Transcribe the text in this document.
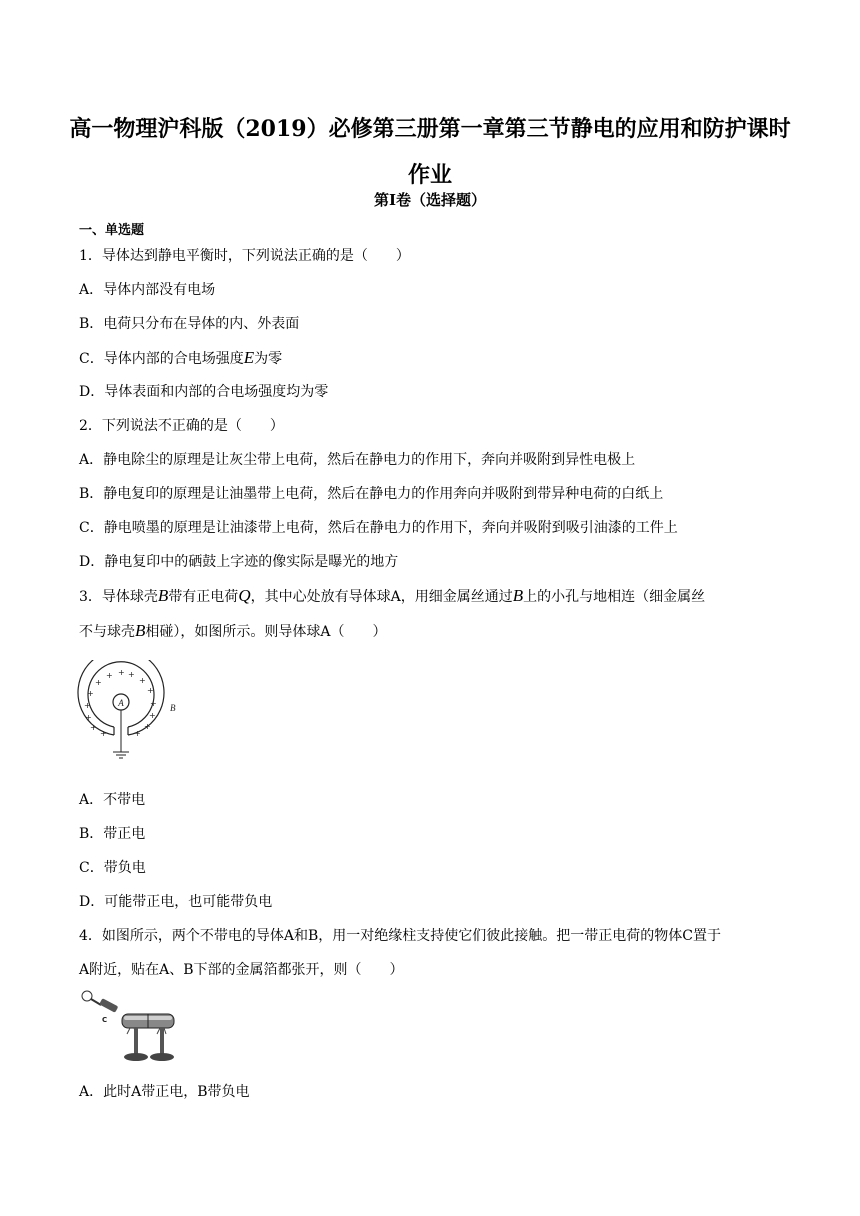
高一物理沪科版（2019）必修第三册第一章第三节静电的应用和防护课时
作业
第Ⅰ卷（选择题）
一、单选题
1．导体达到静电平衡时，下列说法正确的是（　　）
A．导体内部没有电场
B．电荷只分布在导体的内、外表面
C．导体内部的合电场强度E为零
D．导体表面和内部的合电场强度均为零
2．下列说法不正确的是（　　）
A．静电除尘的原理是让灰尘带上电荷，然后在静电力的作用下，奔向并吸附到异性电极上
B．静电复印的原理是让油墨带上电荷，然后在静电力的作用奔向并吸附到带异种电荷的白纸上
C．静电喷墨的原理是让油漆带上电荷，然后在静电力的作用下，奔向并吸附到吸引油漆的工件上
D．静电复印中的硒鼓上字迹的像实际是曝光的地方
3．导体球壳B带有正电荷Q，其中心处放有导体球A，用细金属丝通过B上的小孔与地相连（细金属丝
不与球壳B相碰），如图所示。则导体球A（　　）
+
+ +
+	+
+	+
+	+
+	+
+	+
+	+
A	B
A．不带电
B．带正电
C．带负电
D．可能带正电，也可能带负电
4．如图所示，两个不带电的导体A和B，用一对绝缘柱支持使它们彼此接触。把一带正电荷的物体C置于
A附近，贴在A、B下部的金属箔都张开，则（　　）
C
A．此时A带正电，B带负电
